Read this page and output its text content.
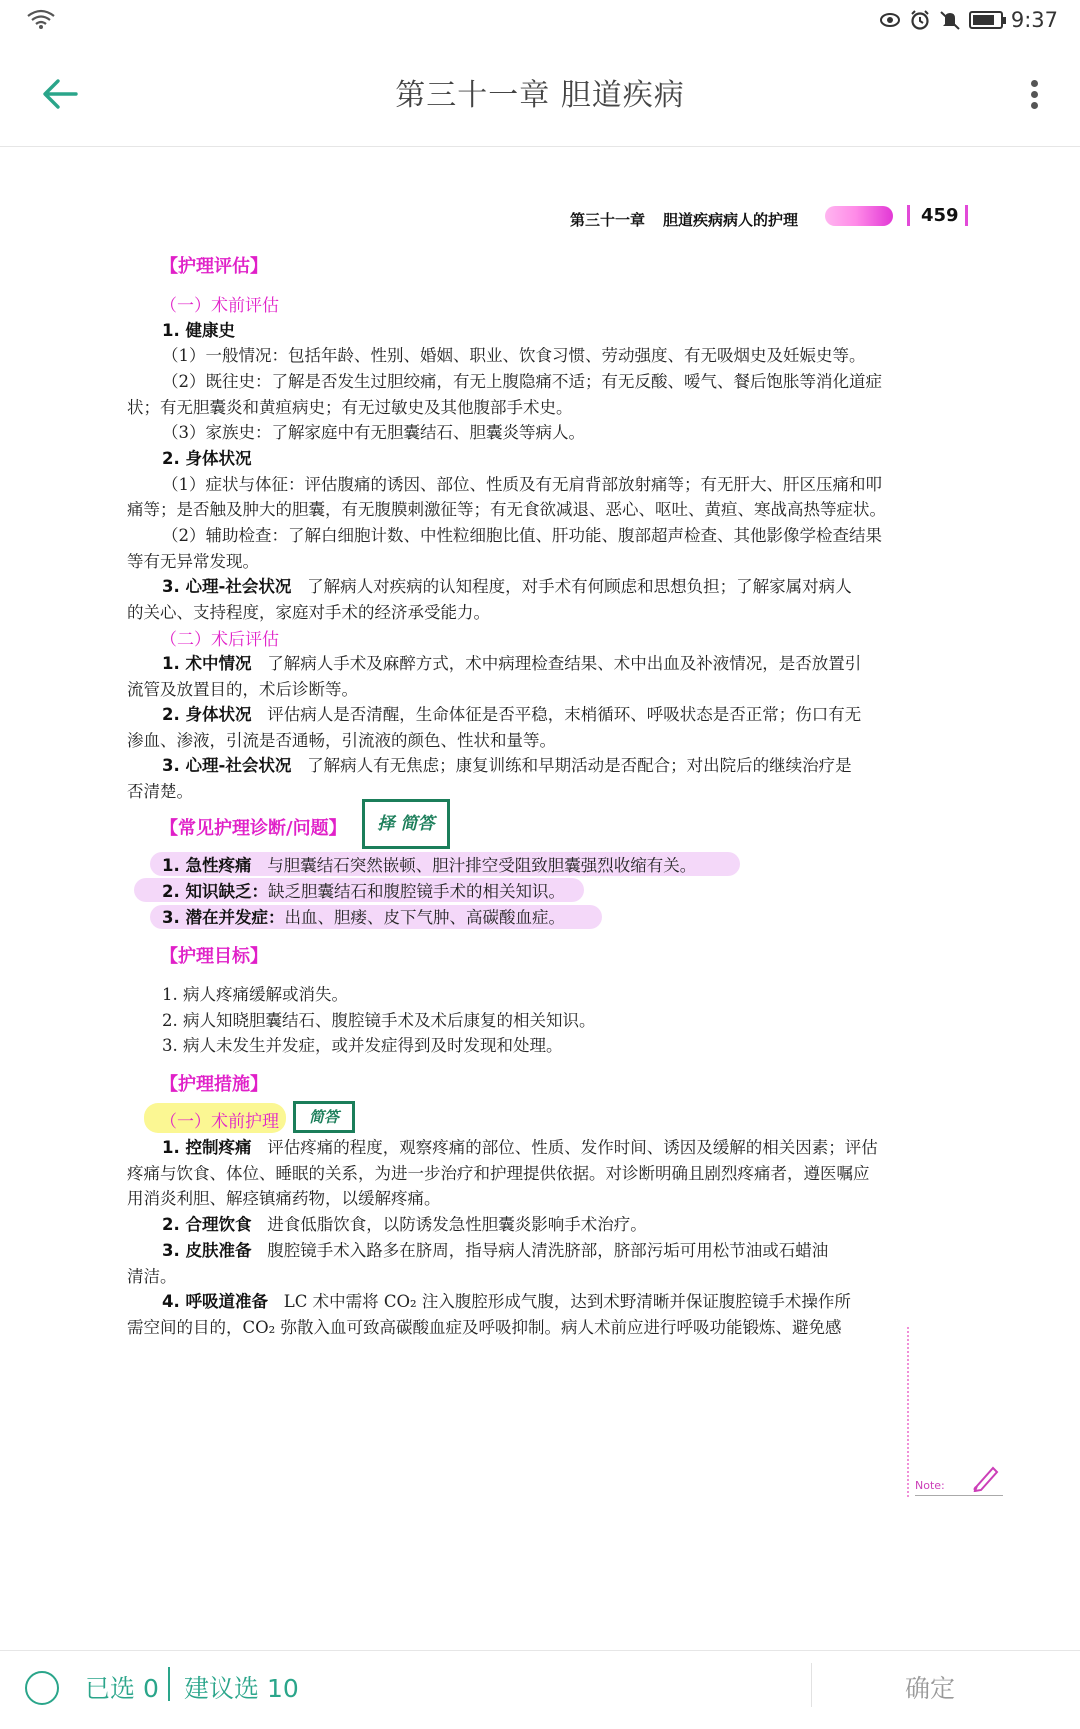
9:37
第三十一章 胆道疾病
第三十一章 胆道疾病病人的护理	459
【护理评估】
（一）术前评估
1. 健康史
（1）一般情况：包括年龄、性别、婚姻、职业、饮食习惯、劳动强度、有无吸烟史及妊娠史等。
（2）既往史：了解是否发生过胆绞痛，有无上腹隐痛不适；有无反酸、嗳气、餐后饱胀等消化道症
状；有无胆囊炎和黄疸病史；有无过敏史及其他腹部手术史。
（3）家族史：了解家庭中有无胆囊结石、胆囊炎等病人。
2. 身体状况
（1）症状与体征：评估腹痛的诱因、部位、性质及有无肩背部放射痛等；有无肝大、肝区压痛和叩
痛等；是否触及肿大的胆囊，有无腹膜刺激征等；有无食欲减退、恶心、呕吐、黄疸、寒战高热等症状。
（2）辅助检查：了解白细胞计数、中性粒细胞比值、肝功能、腹部超声检查、其他影像学检查结果
等有无异常发现。
3. 心理-社会状况 了解病人对疾病的认知程度，对手术有何顾虑和思想负担；了解家属对病人
的关心、支持程度，家庭对手术的经济承受能力。
（二）术后评估
1. 术中情况 了解病人手术及麻醉方式，术中病理检查结果、术中出血及补液情况，是否放置引
流管及放置目的，术后诊断等。
2. 身体状况 评估病人是否清醒，生命体征是否平稳，末梢循环、呼吸状态是否正常；伤口有无
渗血、渗液，引流是否通畅，引流液的颜色、性状和量等。
3. 心理-社会状况 了解病人有无焦虑；康复训练和早期活动是否配合；对出院后的继续治疗是
否清楚。
【常见护理诊断/问题】	择 简答
1. 急性疼痛 与胆囊结石突然嵌顿、胆汁排空受阻致胆囊强烈收缩有关。
2. 知识缺乏：缺乏胆囊结石和腹腔镜手术的相关知识。
3. 潜在并发症：出血、胆瘘、皮下气肿、高碳酸血症。
【护理目标】
1. 病人疼痛缓解或消失。
2. 病人知晓胆囊结石、腹腔镜手术及术后康复的相关知识。
3. 病人未发生并发症，或并发症得到及时发现和处理。
【护理措施】
（一）术前护理	简答
1. 控制疼痛 评估疼痛的程度，观察疼痛的部位、性质、发作时间、诱因及缓解的相关因素；评估
疼痛与饮食、体位、睡眠的关系，为进一步治疗和护理提供依据。对诊断明确且剧烈疼痛者，遵医嘱应
用消炎利胆、解痉镇痛药物，以缓解疼痛。
2. 合理饮食 进食低脂饮食，以防诱发急性胆囊炎影响手术治疗。
3. 皮肤准备 腹腔镜手术入路多在脐周，指导病人清洗脐部，脐部污垢可用松节油或石蜡油
清洁。
4. 呼吸道准备 LC 术中需将 CO₂ 注入腹腔形成气腹，达到术野清晰并保证腹腔镜手术操作所
需空间的目的，CO₂ 弥散入血可致高碳酸血症及呼吸抑制。病人术前应进行呼吸功能锻炼、避免感
Note:
已选 0 建议选 10	确定
